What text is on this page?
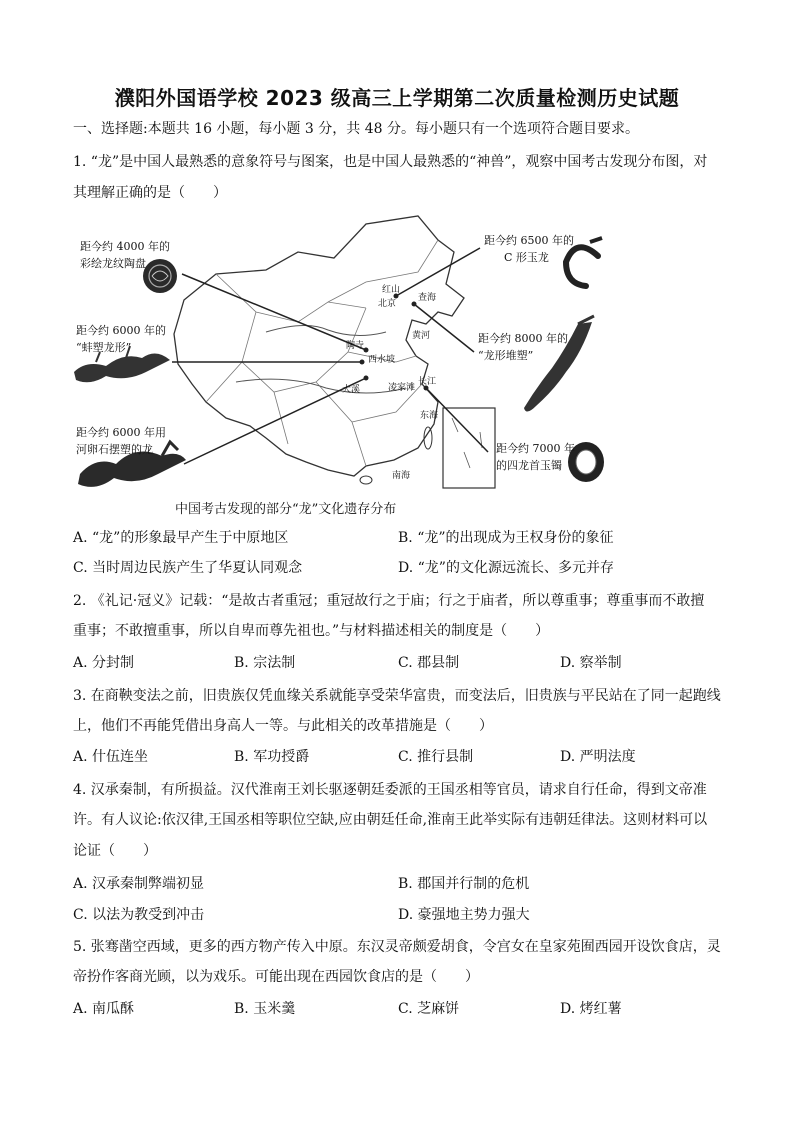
濮阳外国语学校 2023 级高三上学期第二次质量检测历史试题
一、选择题:本题共 16 小题，每小题 3 分，共 48 分。每小题只有一个选项符合题目要求。
1. “龙”是中国人最熟悉的意象符号与图案，也是中国人最熟悉的“神兽”，观察中国考古发现分布图，对
其理解正确的是（　　）
距今约 4000 年的
彩绘龙纹陶盘
距今约 6000 年的
“蚌塑龙形”
距今约 6000 年用
河卵石摆塑的龙
距今约 6500 年的
C 形玉龙
距今约 8000 年的
“龙形堆塑”
距今约 7000 年
的四龙首玉镯
红山
北京
查海
陶寺
西水坡
黄河
长江
大溪	凌家滩
东海
南海
中国考古发现的部分“龙”文化遗存分布
A. “龙”的形象最早产生于中原地区	B. “龙”的出现成为王权身份的象征
C. 当时周边民族产生了华夏认同观念	D. “龙”的文化源远流长、多元并存
2. 《礼记·冠义》记载：“是故古者重冠；重冠故行之于庙；行之于庙者，所以尊重事；尊重事而不敢擅
重事；不敢擅重事，所以自卑而尊先祖也。”与材料描述相关的制度是（　　）
A. 分封制	B. 宗法制	C. 郡县制	D. 察举制
3. 在商鞅变法之前，旧贵族仅凭血缘关系就能享受荣华富贵，而变法后，旧贵族与平民站在了同一起跑线
上，他们不再能凭借出身高人一等。与此相关的改革措施是（　　）
A. 什伍连坐	B. 军功授爵	C. 推行县制	D. 严明法度
4. 汉承秦制，有所损益。汉代淮南王刘长驱逐朝廷委派的王国丞相等官员，请求自行任命，得到文帝准
许。有人议论:依汉律,王国丞相等职位空缺,应由朝廷任命,淮南王此举实际有违朝廷律法。这则材料可以
论证（　　）
A. 汉承秦制弊端初显	B. 郡国并行制的危机
C. 以法为教受到冲击	D. 豪强地主势力强大
5. 张骞凿空西域，更多的西方物产传入中原。东汉灵帝颇爱胡食，令宫女在皇家苑囿西园开设饮食店，灵
帝扮作客商光顾，以为戏乐。可能出现在西园饮食店的是（　　）
A. 南瓜酥	B. 玉米羹	C. 芝麻饼	D. 烤红薯
